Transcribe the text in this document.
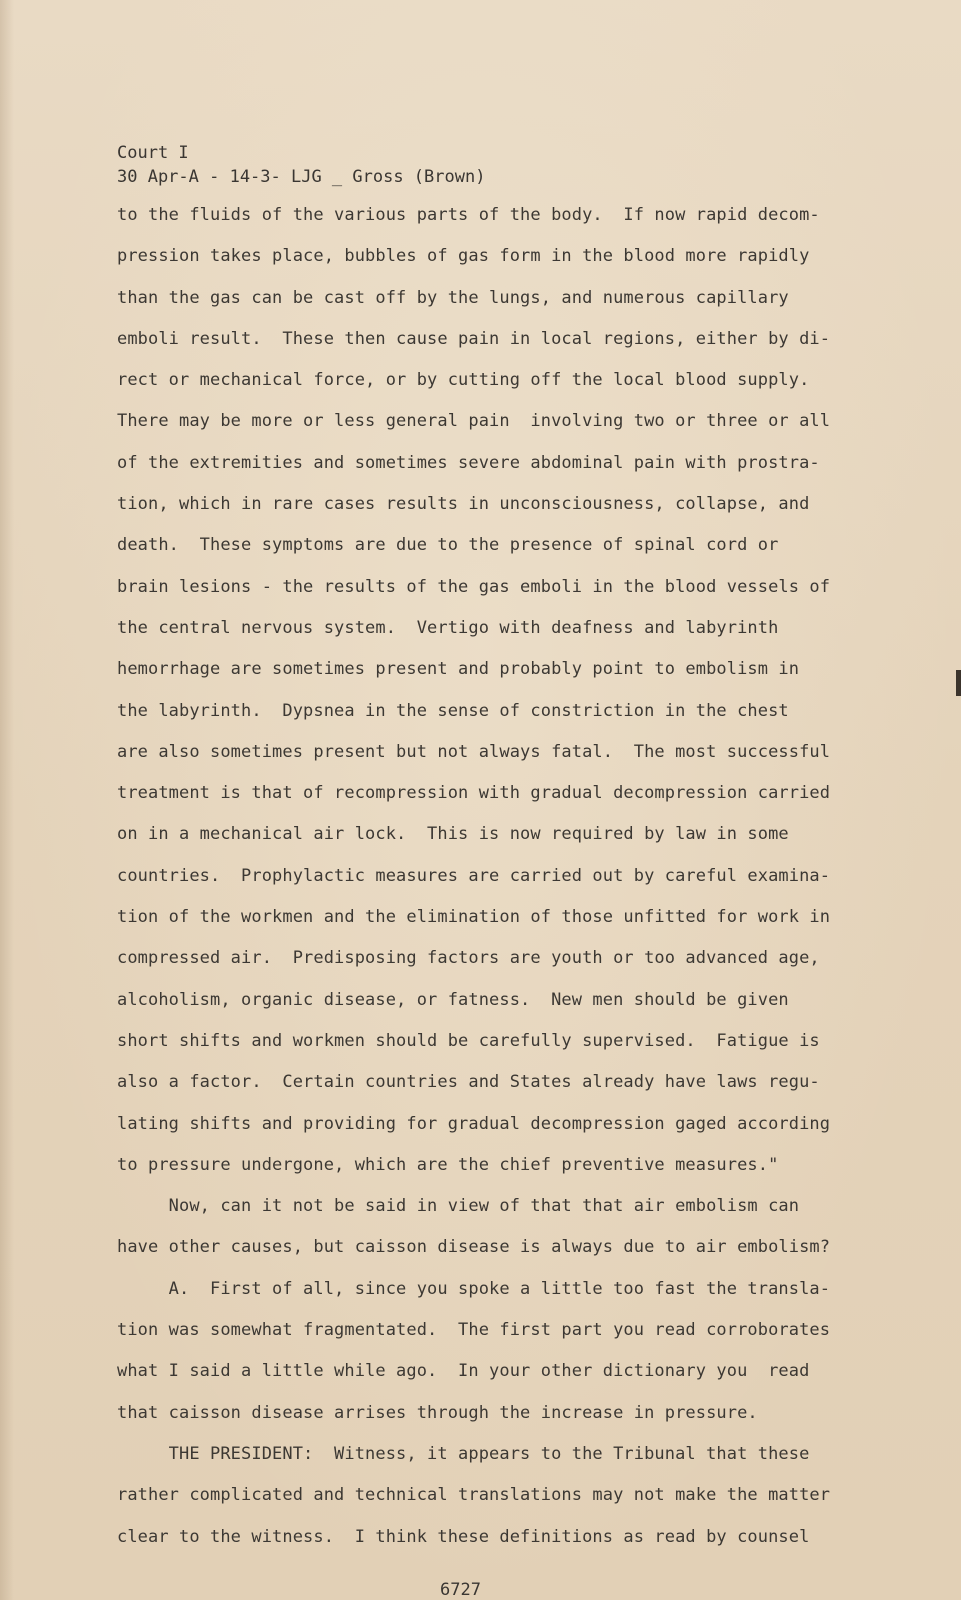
Court I
30 Apr-A - 14-3- LJG _ Gross (Brown)
to the fluids of the various parts of the body.  If now rapid decom-
pression takes place, bubbles of gas form in the blood more rapidly
than the gas can be cast off by the lungs, and numerous capillary
emboli result.  These then cause pain in local regions, either by di-
rect or mechanical force, or by cutting off the local blood supply.
There may be more or less general pain  involving two or three or all
of the extremities and sometimes severe abdominal pain with prostra-
tion, which in rare cases results in unconsciousness, collapse, and
death.  These symptoms are due to the presence of spinal cord or
brain lesions - the results of the gas emboli in the blood vessels of
the central nervous system.  Vertigo with deafness and labyrinth
hemorrhage are sometimes present and probably point to embolism in
the labyrinth.  Dypsnea in the sense of constriction in the chest
are also sometimes present but not always fatal.  The most successful
treatment is that of recompression with gradual decompression carried
on in a mechanical air lock.  This is now required by law in some
countries.  Prophylactic measures are carried out by careful examina-
tion of the workmen and the elimination of those unfitted for work in
compressed air.  Predisposing factors are youth or too advanced age,
alcoholism, organic disease, or fatness.  New men should be given
short shifts and workmen should be carefully supervised.  Fatigue is
also a factor.  Certain countries and States already have laws regu-
lating shifts and providing for gradual decompression gaged according
to pressure undergone, which are the chief preventive measures."
Now, can it not be said in view of that that air embolism can
have other causes, but caisson disease is always due to air embolism?
A.  First of all, since you spoke a little too fast the transla-
tion was somewhat fragmentated.  The first part you read corroborates
what I said a little while ago.  In your other dictionary you  read
that caisson disease arrises through the increase in pressure.
THE PRESIDENT:  Witness, it appears to the Tribunal that these
rather complicated and technical translations may not make the matter
clear to the witness.  I think these definitions as read by counsel
6727
